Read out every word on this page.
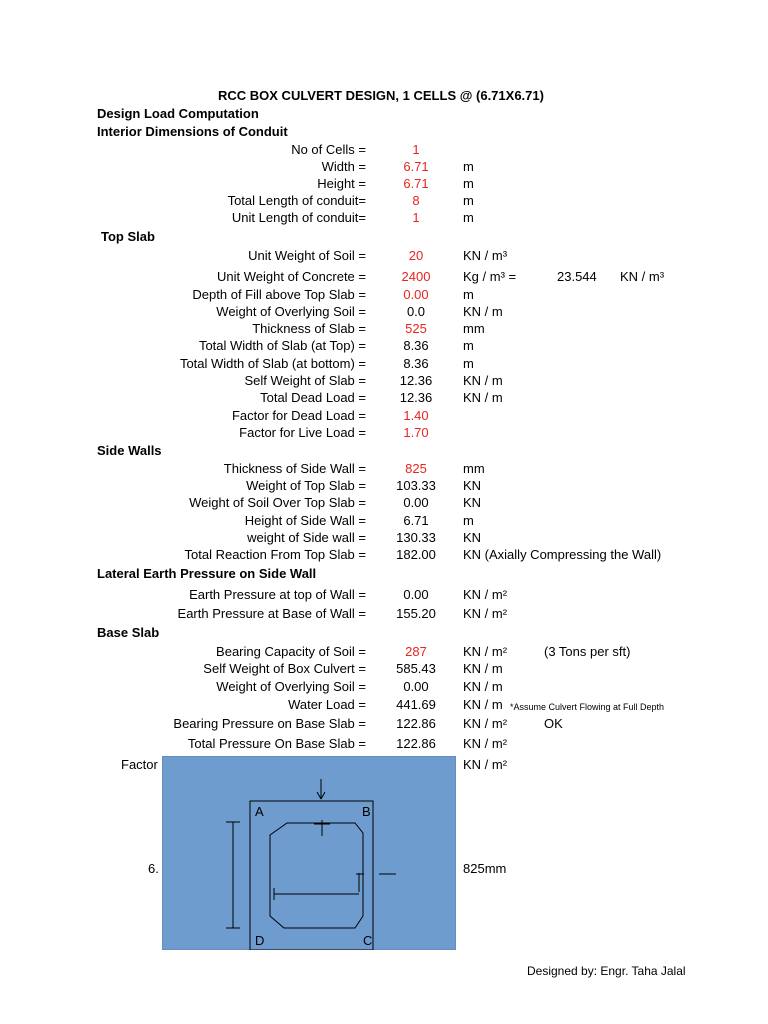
RCC BOX CULVERT DESIGN, 1 CELLS @ (6.71X6.71)
Design Load Computation
Interior Dimensions of Conduit
No of Cells =	1
Width =	6.71	m
Height =	6.71	m
Total Length of conduit=	8	m
Unit Length of conduit=	1	m
Top Slab
Unit Weight of Soil =	20	KN / m³
Unit Weight of Concrete =	2400	Kg / m³ =	23.544 KN / m³
Depth of Fill above Top Slab =	0.00	m
Weight of Overlying Soil =	0.0	KN / m
Thickness of Slab =	525	mm
Total Width of Slab (at Top) =	8.36	m
Total Width of Slab (at bottom) =	8.36	m
Self Weight of Slab =	12.36	KN / m
Total Dead Load =	12.36	KN / m
Factor for Dead Load =	1.40
Factor for Live Load =	1.70
Side Walls
Thickness of Side Wall =	825	mm
Weight of Top Slab =	103.33	KN
Weight of Soil Over Top Slab =	0.00	KN
Height of Side Wall =	6.71	m
weight of Side wall =	130.33	KN
Total Reaction From Top Slab =	182.00	KN (Axially Compressing the Wall)
Lateral Earth Pressure on Side Wall
Earth Pressure at top of Wall =	0.00	KN / m²
Earth Pressure at Base of Wall =	155.20	KN / m²
Base Slab
Bearing Capacity of Soil =	287	KN / m²	(3 Tons per sft)
Self Weight of Box Culvert =	585.43	KN / m
Weight of Overlying Soil =	0.00	KN / m
Water Load =	441.69	KN / m *Assume Culvert Flowing at Full Depth
Bearing Pressure on Base Slab =	122.86	KN / m²	OK
Total Pressure On Base Slab =	122.86	KN / m²
Factor	KN / m²
6.	825mm
A	B
C
D
Designed by: Engr. Taha Jalal
